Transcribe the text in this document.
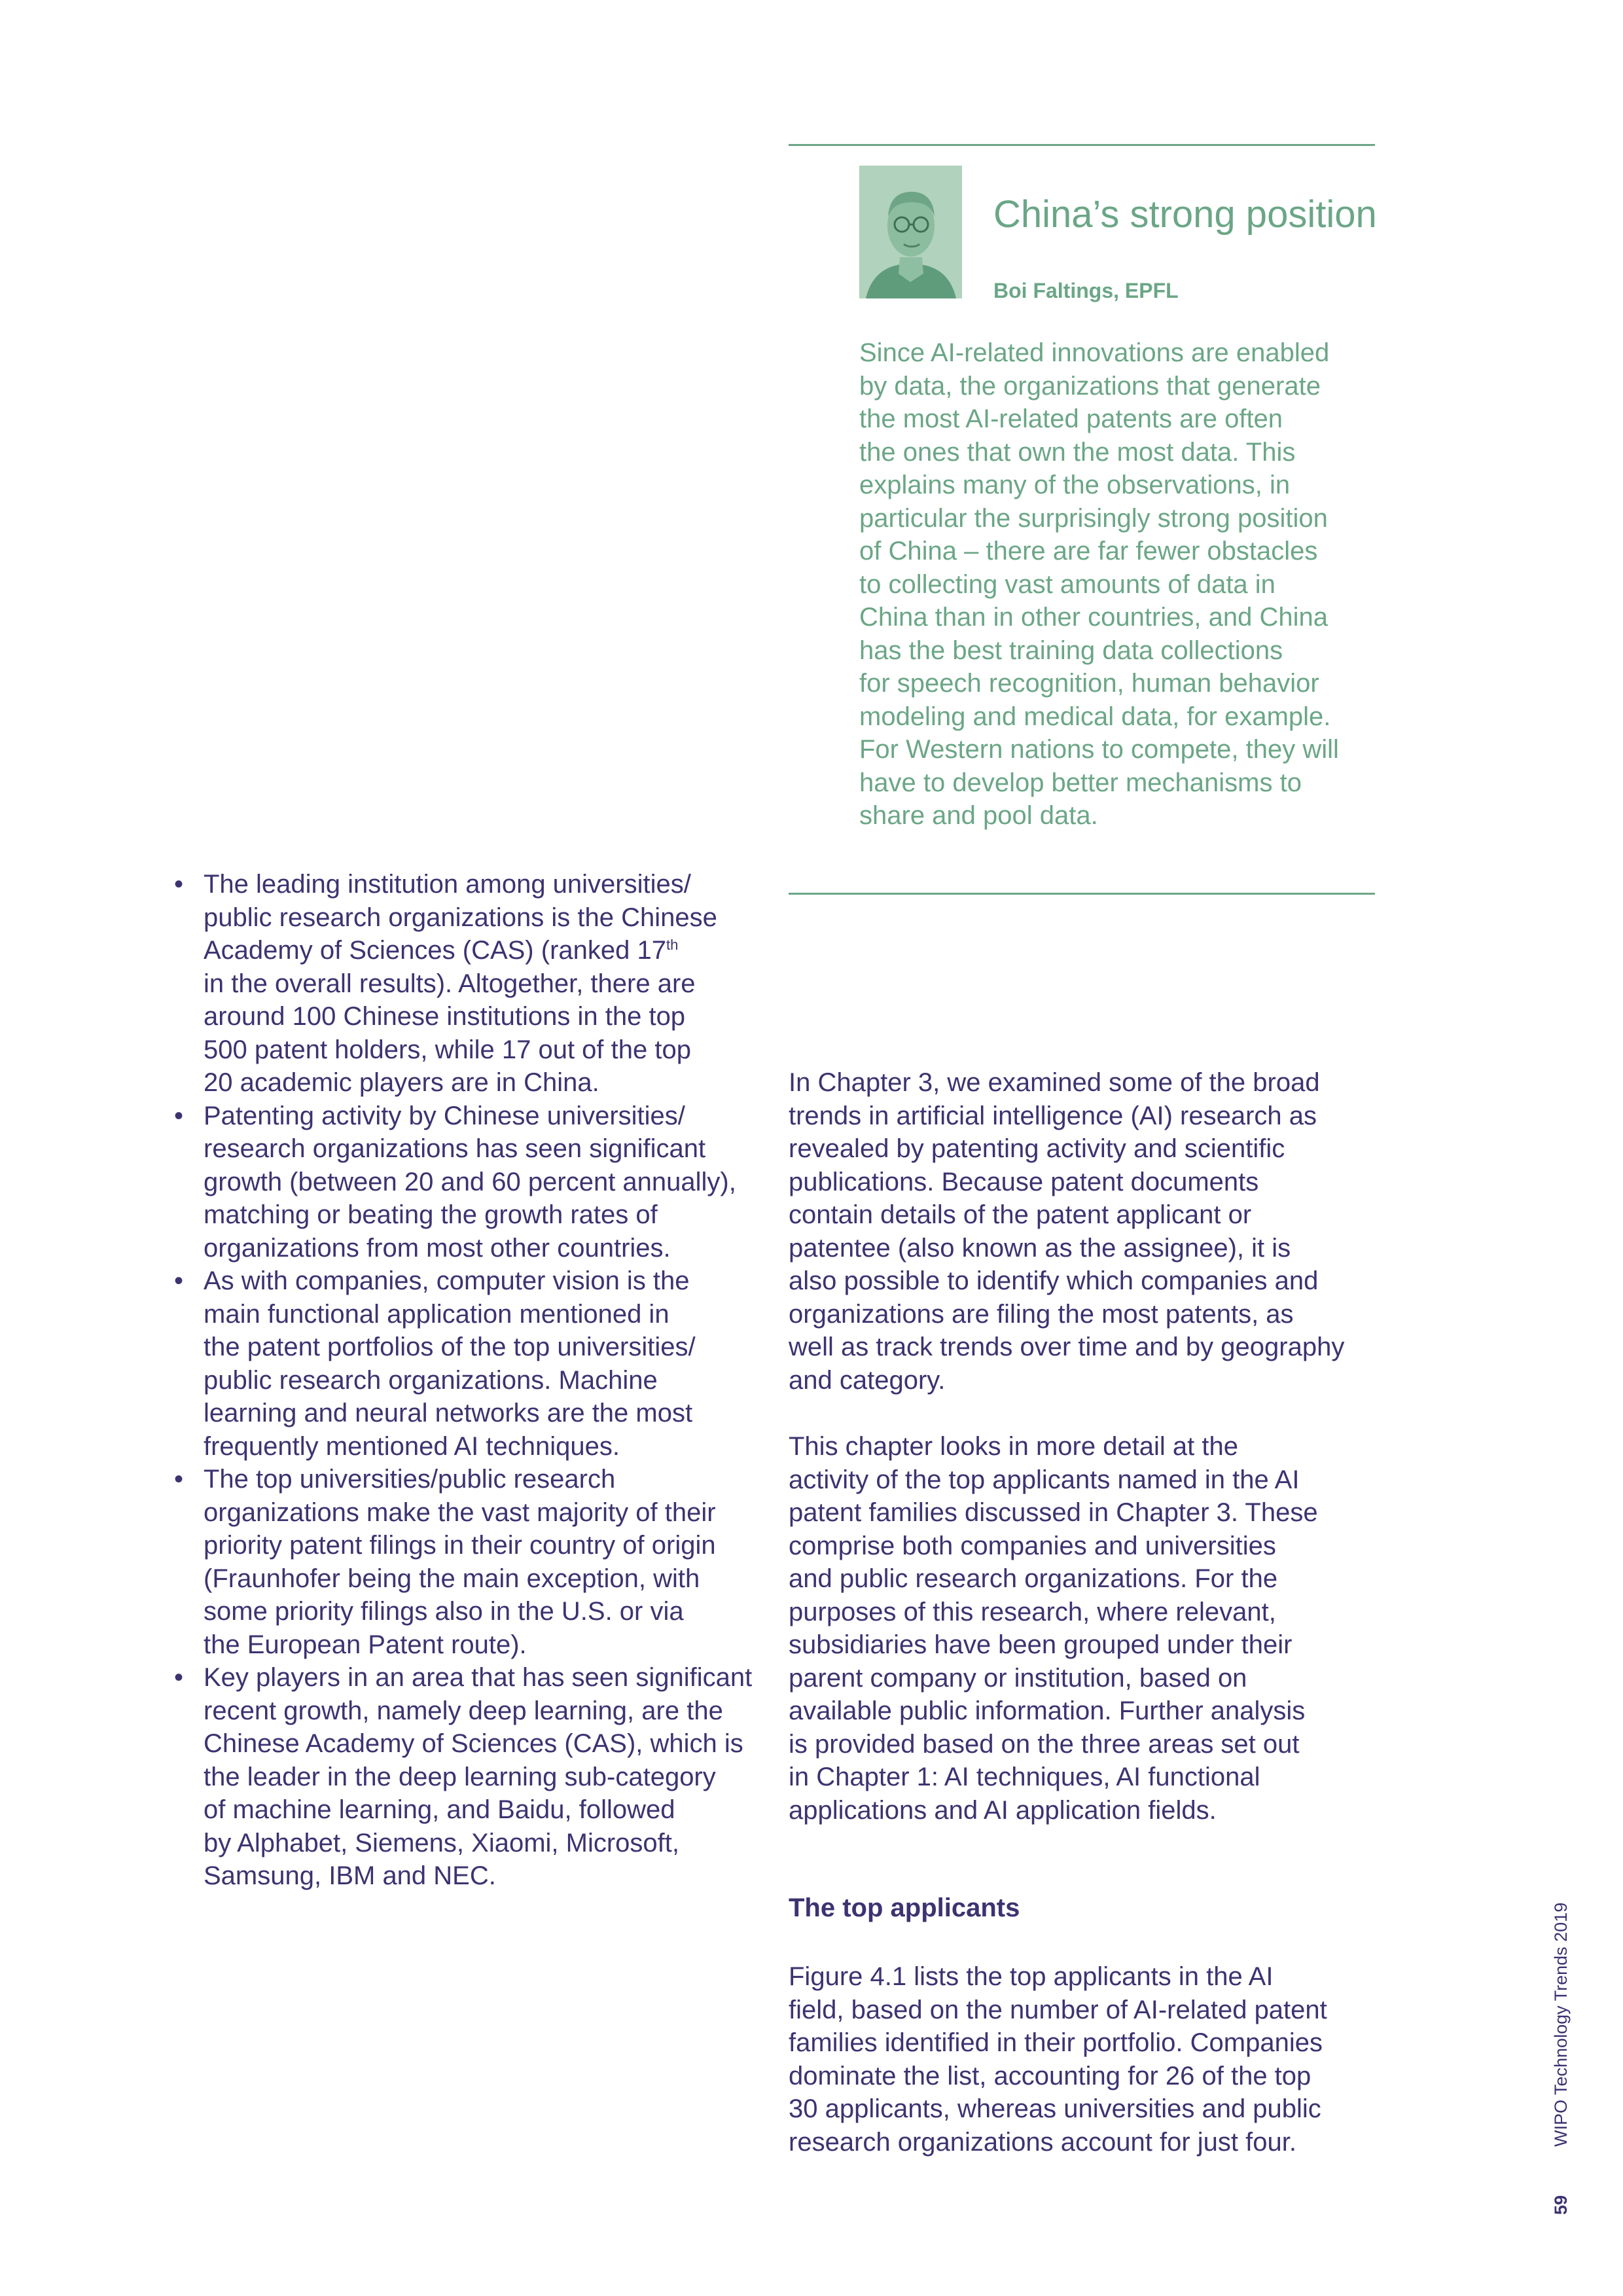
China’s strong position
Boi Faltings, EPFL
Since AI-related innovations are enabled
by data, the organizations that generate
the most AI-related patents are often
the ones that own the most data. This
explains many of the observations, in
particular the surprisingly strong position
of China – there are far fewer obstacles
to collecting vast amounts of data in
China than in other countries, and China
has the best training data collections
for speech recognition, human behavior
modeling and medical data, for example.
For Western nations to compete, they will
have to develop better mechanisms to
share and pool data.
• The leading institution among universities/
public research organizations is the Chinese
Academy of Sciences (CAS) (ranked 17th
in the overall results). Altogether, there are
around 100 Chinese institutions in the top
500 patent holders, while 17 out of the top
20 academic players are in China.
• Patenting activity by Chinese universities/
research organizations has seen significant
growth (between 20 and 60 percent annually),
matching or beating the growth rates of
organizations from most other countries.
• As with companies, computer vision is the
main functional application mentioned in
the patent portfolios of the top universities/
public research organizations. Machine
learning and neural networks are the most
frequently mentioned AI techniques.
• The top universities/public research
organizations make the vast majority of their
priority patent filings in their country of origin
(Fraunhofer being the main exception, with
some priority filings also in the U.S. or via
the European Patent route).
• Key players in an area that has seen significant
recent growth, namely deep learning, are the
Chinese Academy of Sciences (CAS), which is
the leader in the deep learning sub-category
of machine learning, and Baidu, followed
by Alphabet, Siemens, Xiaomi, Microsoft,
Samsung, IBM and NEC.
In Chapter 3, we examined some of the broad
trends in artificial intelligence (AI) research as
revealed by patenting activity and scientific
publications. Because patent documents
contain details of the patent applicant or
patentee (also known as the assignee), it is
also possible to identify which companies and
organizations are filing the most patents, as
well as track trends over time and by geography
and category.
This chapter looks in more detail at the
activity of the top applicants named in the AI
patent families discussed in Chapter 3. These
comprise both companies and universities
and public research organizations. For the
purposes of this research, where relevant,
subsidiaries have been grouped under their
parent company or institution, based on
available public information. Further analysis
is provided based on the three areas set out
in Chapter 1: AI techniques, AI functional
applications and AI application fields.
The top applicants
Figure 4.1 lists the top applicants in the AI
field, based on the number of AI-related patent
families identified in their portfolio. Companies
dominate the list, accounting for 26 of the top
30 applicants, whereas universities and public
research organizations account for just four.	WIPO Technology Trends 2019
59
